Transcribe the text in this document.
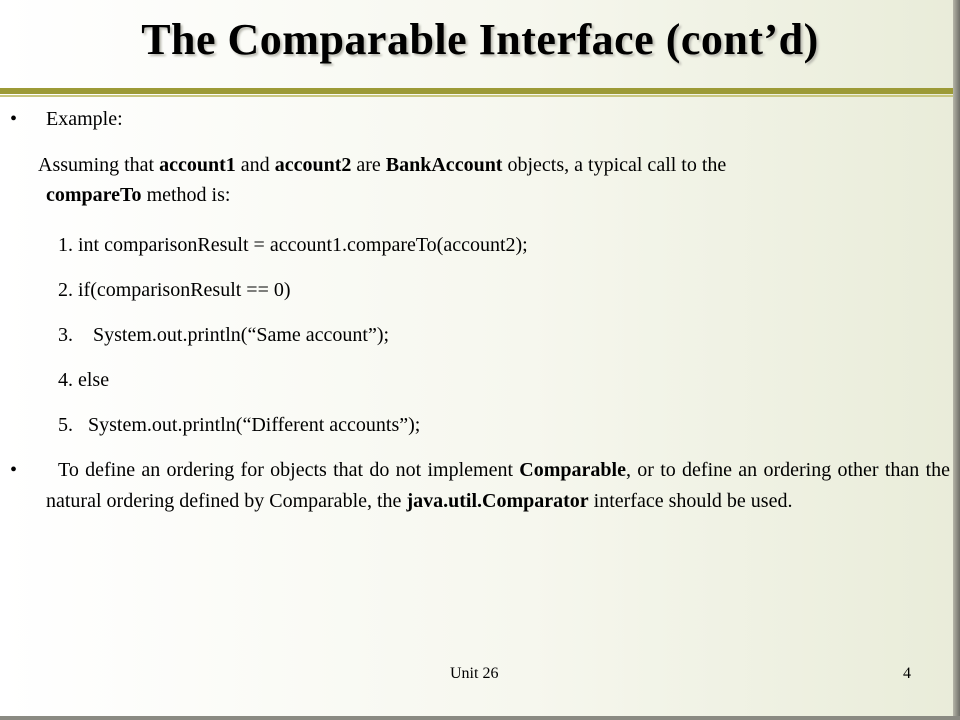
The Comparable Interface (cont’d)
• Example:
Assuming that account1 and account2 are BankAccount objects, a typical call to the
compareTo method is:
1. int comparisonResult = account1.compareTo(account2);
2. if(comparisonResult == 0)
3.    System.out.println(“Same account”);
4. else
5.   System.out.println(“Different accounts”);
•	To define an ordering for objects that do not implement Comparable, or to define an ordering other than the natural ordering defined by Comparable, the java.util.Comparator interface should be used.
Unit 26	4
